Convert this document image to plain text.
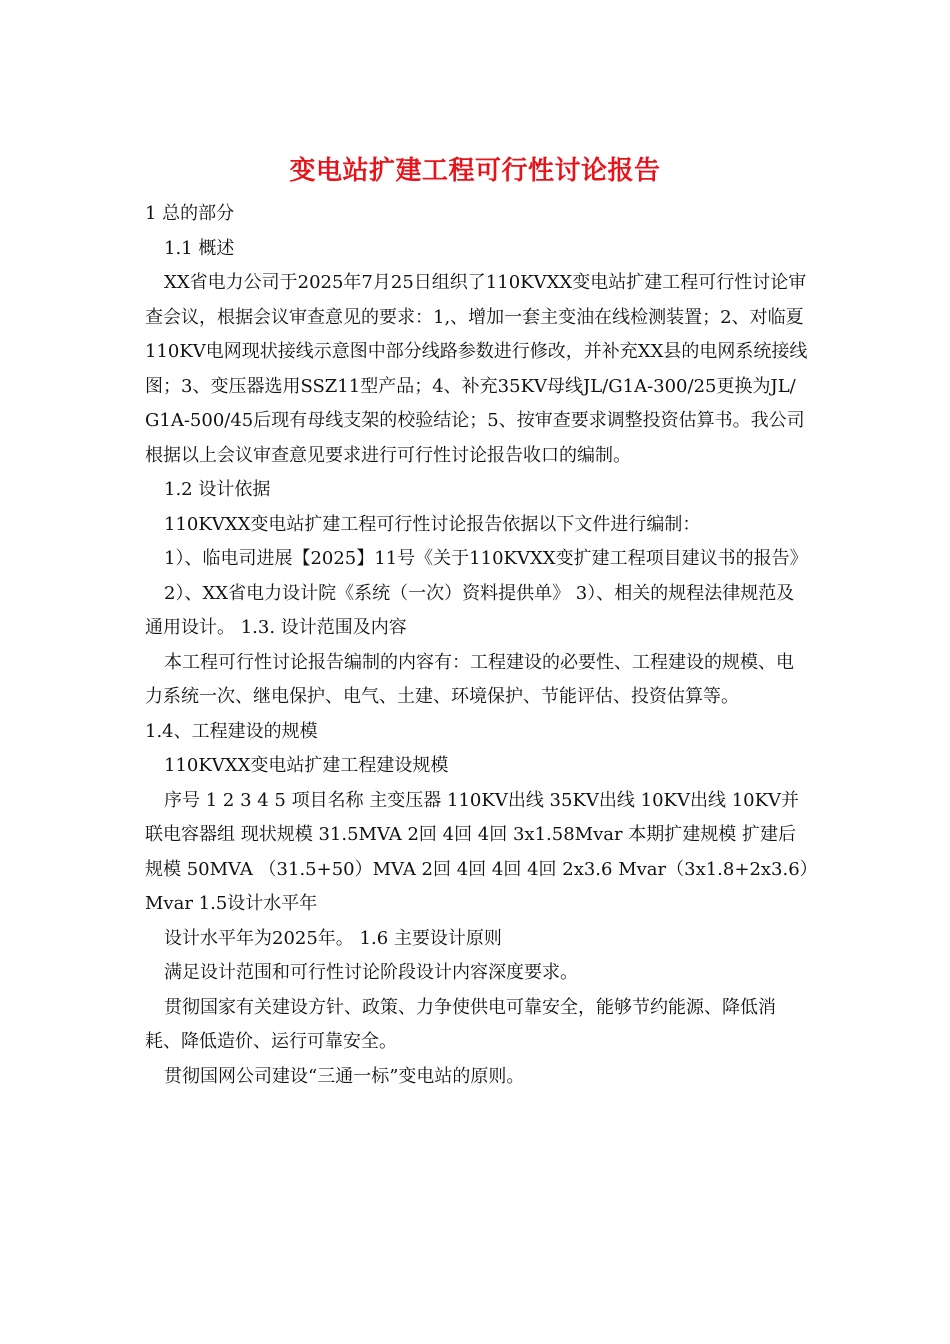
变电站扩建工程可行性讨论报告

1 总的部分

1.1 概述

XX省电力公司于2025年7月25日组织了110KVXX变电站扩建工程可行性讨论审查会议，根据会议审查意见的要求：1,、增加一套主变油在线检测装置；2、对临夏110KV电网现状接线示意图中部分线路参数进行修改，并补充XX县的电网系统接线图；3、变压器选用SSZ11型产品；4、补充35KV母线JL/G1A-300/25更换为JL/G1A-500/45后现有母线支架的校验结论；5、按审查要求调整投资估算书。我公司根据以上会议审查意见要求进行可行性讨论报告收口的编制。

1.2 设计依据

110KVXX变电站扩建工程可行性讨论报告依据以下文件进行编制：

1）、临电司进展【2025】11号《关于110KVXX变扩建工程项目建议书的报告》

2）、XX省电力设计院《系统（一次）资料提供单》 3）、相关的规程法律规范及通用设计。 1.3. 设计范围及内容

本工程可行性讨论报告编制的内容有：工程建设的必要性、工程建设的规模、电力系统一次、继电保护、电气、土建、环境保护、节能评估、投资估算等。

1.4、工程建设的规模

110KVXX变电站扩建工程建设规模

序号 1 2 3 4 5 项目名称 主变压器 110KV出线 35KV出线 10KV出线 10KV并联电容器组 现状规模 31.5MVA 2回 4回 4回 3x1.58Mvar 本期扩建规模 扩建后规模 50MVA （31.5+50）MVA 2回 4回 4回 4回 2x3.6 Mvar（3x1.8+2x3.6）Mvar 1.5设计水平年

设计水平年为2025年。 1.6 主要设计原则

满足设计范围和可行性讨论阶段设计内容深度要求。

贯彻国家有关建设方针、政策、力争使供电可靠安全，能够节约能源、降低消耗、降低造价、运行可靠安全。

贯彻国网公司建设“三通一标”变电站的原则。
